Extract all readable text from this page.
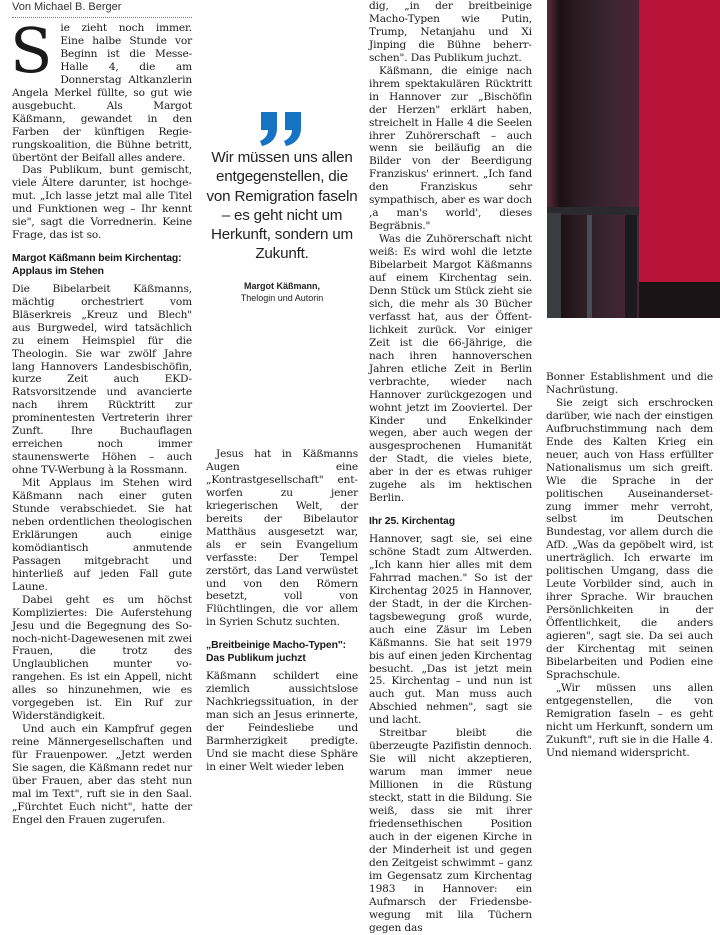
Von Michael B. Berger

Sie zieht noch immer. Eine halbe Stunde vor Beginn ist die Messe-Halle 4, die am Donnerstag Altkanzlerin Angela Merkel füllte, so gut wie ausgebucht. Als Margot Käßmann, gewandet in den Farben der künftigen Regierungskoalition, die Bühne betritt, übertönt der Beifall alles andere.

Das Publikum, bunt gemischt, viele Ältere darunter, ist hochgemut. „Ich lasse jetzt mal alle Titel und Funktionen weg – Ihr kennt sie", sagt die Vorrednerin. Keine Frage, das ist so.

Margot Käßmann beim Kirchentag: Applaus im Stehen

Die Bibelarbeit Käßmanns, mächtig orchestriert vom Bläserkreis „Kreuz und Blech" aus Burgwedel, wird tatsächlich zu einem Heimspiel für die Theologin. Sie war zwölf Jahre lang Hannovers Landesbischöfin, kurze Zeit auch EKD-Ratsvorsitzende und avancierte nach ihrem Rücktritt zur prominentesten Vertreterin ihrer Zunft. Ihre Buchauflagen erreichen noch immer staunenswerte Höhen – auch ohne TV-Werbung à la Rossmann.

Mit Applaus im Stehen wird Käßmann nach einer guten Stunde verabschiedet. Sie hat neben ordentlichen theologischen Erklärungen auch einige komödiantisch anmutende Passagen mitgebracht und hinterließ auf jeden Fall gute Laune.

Dabei geht es um höchst Kompliziertes: Die Auferstehung Jesu und die Begegnung des So-noch-nicht-Dagewesenen mit zwei Frauen, die trotz des Unglaublichen munter vorangehen. Es ist ein Appell, nicht alles so hinzunehmen, wie es vorgegeben ist. Ein Ruf zur Widerständigkeit.

Und auch ein Kampfruf gegen reine Männergesellschaften und für Frauenpower. „Jetzt werden Sie sagen, die Käßmann redet nur über Frauen, aber das steht nun mal im Text", ruft sie in den Saal. „Fürchtet Euch nicht", hatte der Engel den Frauen zugerufen.

Wir müssen uns allen entgegenstellen, die von Remigration faseln – es geht nicht um Herkunft, sondern um Zukunft.
Margot Käßmann,
Thelogin und Autorin

Jesus hat in Käßmanns Augen eine „Kontrastgesellschaft" entworfen zu jener kriegerischen Welt, der bereits der Bibelautor Matthäus ausgesetzt war, als er sein Evangelium verfasste: Der Tempel zerstört, das Land verwüstet und von den Römern besetzt, voll von Flüchtlingen, die vor allem in Syrien Schutz suchten.

„Breitbeinige Macho-Typen": Das Publikum juchzt

Käßmann schildert eine ziemlich aussichtslose Nachkriegssituation, in der man sich an Jesus erinnerte, der Feindesliebe und Barmherzigkeit predigte. Und sie macht diese Sphäre in einer Welt wieder leben

dig, „in der breitbeinige Macho-Typen wie Putin, Trump, Netanjahu und Xi Jinping die Bühne beherrschen". Das Publikum juchzt.

Käßmann, die einige nach ihrem spektakulären Rücktritt in Hannover zur „Bischöfin der Herzen" erklärt haben, streichelt in Halle 4 die Seelen ihrer Zuhörerschaft – auch wenn sie beiläufig an die Bilder von der Beerdigung Franziskus' erinnert. „Ich fand den Franziskus sehr sympathisch, aber es war doch ‚a man's world', dieses Begräbnis."

Was die Zuhörerschaft nicht weiß: Es wird wohl die letzte Bibelarbeit Margot Käßmanns auf einem Kirchentag sein. Denn Stück um Stück zieht sie sich, die mehr als 30 Bücher verfasst hat, aus der Öffentlichkeit zurück. Vor einiger Zeit ist die 66-Jährige, die nach ihren hannoverschen Jahren etliche Zeit in Berlin verbrachte, wieder nach Hannover zurückgezogen und wohnt jetzt im Zooviertel. Der Kinder und Enkelkinder wegen, aber auch wegen der ausgesprochenen Humanität der Stadt, die vieles biete, aber in der es etwas ruhiger zugehe als im hektischen Berlin.

Ihr 25. Kirchentag

Hannover, sagt sie, sei eine schöne Stadt zum Altwerden. „Ich kann hier alles mit dem Fahrrad machen." So ist der Kirchentag 2025 in Hannover, der Stadt, in der die Kirchentagsbewegung groß wurde, auch eine Zäsur im Leben Käßmanns. Sie hat seit 1979 bis auf einen jeden Kirchentag besucht. „Das ist jetzt mein 25. Kirchentag – und nun ist auch gut. Man muss auch Abschied nehmen", sagt sie und lacht.

Streitbar bleibt die überzeugte Pazifistin dennoch. Sie will nicht akzeptieren, warum man immer neue Millionen in die Rüstung steckt, statt in die Bildung. Sie weiß, dass sie mit ihrer friedensethischen Position auch in der eigenen Kirche in der Minderheit ist und gegen den Zeitgeist schwimmt – ganz im Gegensatz zum Kirchentag 1983 in Hannover: ein Aufmarsch der Friedensbewegung mit lila Tüchern gegen das

Bonner Establishment und die Nachrüstung.

Sie zeigt sich erschrocken darüber, wie nach der einstigen Aufbruchstimmung nach dem Ende des Kalten Krieg ein neuer, auch von Hass erfüllter Nationalismus um sich greift. Wie die Sprache in der politischen Auseinandersetzung immer mehr verroht, selbst im Deutschen Bundestag, vor allem durch die AfD. „Was da gepöbelt wird, ist unerträglich. Ich erwarte im politischen Umgang, dass die Leute Vorbilder sind, auch in ihrer Sprache. Wir brauchen Persönlichkeiten in der Öffentlichkeit, die anders agieren", sagt sie. Da sei auch der Kirchentag mit seinen Bibelarbeiten und Podien eine Sprachschule.

„Wir müssen uns allen entgegenstellen, die von Remigration faseln – es geht nicht um Herkunft, sondern um Zukunft", ruft sie in die Halle 4. Und niemand widerspricht.
